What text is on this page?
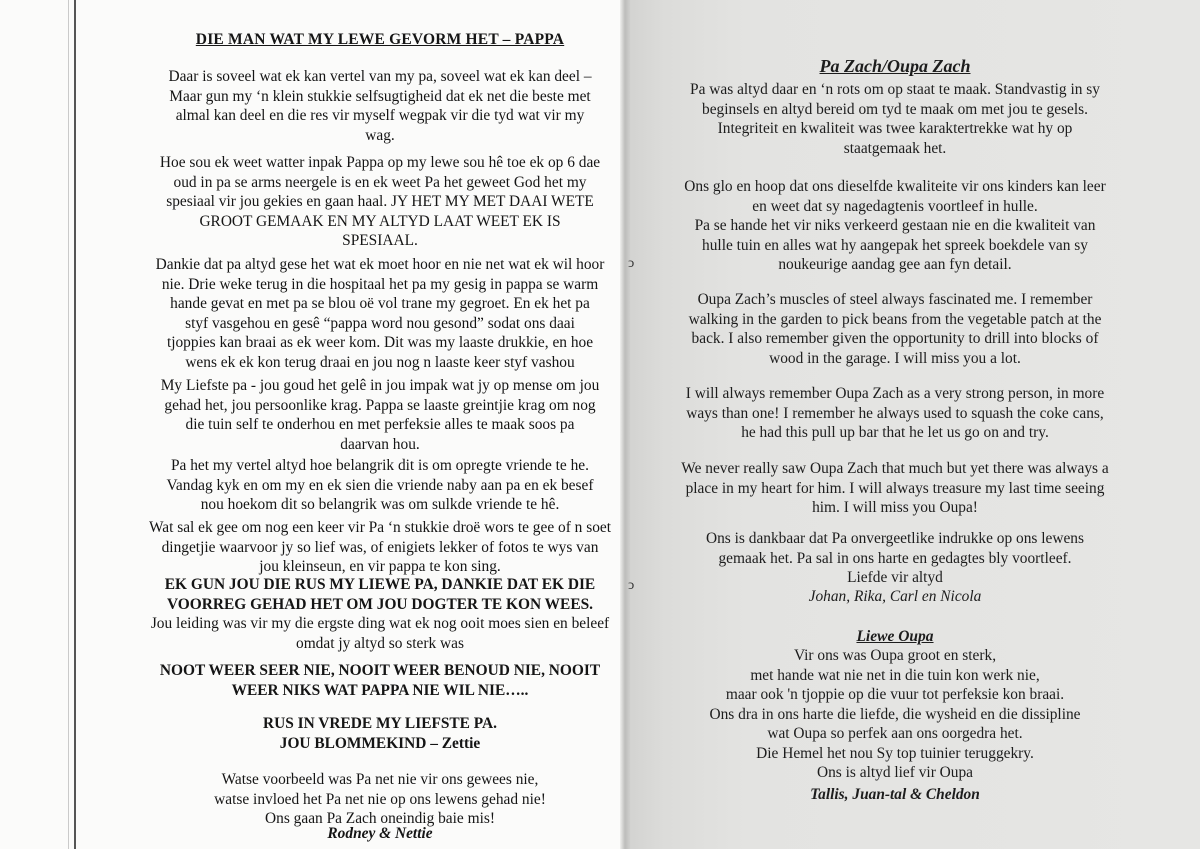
ↄ
ↄ
DIE MAN WAT MY LEWE GEVORM HET – PAPPA
Daar is soveel wat ek kan vertel van my pa, soveel wat ek kan deel –
Maar gun my ‘n klein stukkie selfsugtigheid dat ek net die beste met
almal kan deel en die res vir myself wegpak vir die tyd wat vir my
wag.
Hoe sou ek weet watter inpak Pappa op my lewe sou hê toe ek op 6 dae
oud in pa se arms neergele is en ek weet Pa het geweet God het my
spesiaal vir jou gekies en gaan haal. JY HET MY MET DAAI WETE
GROOT GEMAAK EN MY ALTYD LAAT WEET EK IS
SPESIAAL.
Dankie dat pa altyd gese het wat ek moet hoor en nie net wat ek wil hoor
nie. Drie weke terug in die hospitaal het pa my gesig in pappa se warm
hande gevat en met pa se blou oë vol trane my gegroet. En ek het pa
styf vasgehou en gesê “pappa word nou gesond” sodat ons daai
tjoppies kan braai as ek weer kom. Dit was my laaste drukkie, en hoe
wens ek ek kon terug draai en jou nog n laaste keer styf vashou
My Liefste pa - jou goud het gelê in jou impak wat jy op mense om jou
gehad het, jou persoonlike krag. Pappa se laaste greintjie krag om nog
die tuin self te onderhou en met perfeksie alles te maak soos pa
daarvan hou.
Pa het my vertel altyd hoe belangrik dit is om opregte vriende te he.
Vandag kyk en om my en ek sien die vriende naby aan pa en ek besef
nou hoekom dit so belangrik was om sulkde vriende te hê.
Wat sal ek gee om nog een keer vir Pa ‘n stukkie droë wors te gee of n soet
dingetjie waarvoor jy so lief was, of enigiets lekker of fotos te wys van
jou kleinseun, en vir pappa te kon sing.
EK GUN JOU DIE RUS MY LIEWE PA, DANKIE DAT EK DIE
VOORREG GEHAD HET OM JOU DOGTER TE KON WEES.
Jou leiding was vir my die ergste ding wat ek nog ooit moes sien en beleef
omdat jy altyd so sterk was
NOOT WEER SEER NIE, NOOIT WEER BENOUD NIE, NOOIT
WEER NIKS WAT PAPPA NIE WIL NIE…..
RUS IN VREDE MY LIEFSTE PA.
JOU BLOMMEKIND – Zettie
Watse voorbeeld was Pa net nie vir ons gewees nie,
watse invloed het Pa net nie op ons lewens gehad nie!
Ons gaan Pa Zach oneindig baie mis!
Rodney & Nettie
Pa Zach/Oupa Zach
Pa was altyd daar en ‘n rots om op staat te maak. Standvastig in sy
beginsels en altyd bereid om tyd te maak om met jou te gesels.
Integriteit en kwaliteit was twee karaktertrekke wat hy op
staatgemaak het.
Ons glo en hoop dat ons dieselfde kwaliteite vir ons kinders kan leer
en weet dat sy nagedagtenis voortleef in hulle.
Pa se hande het vir niks verkeerd gestaan nie en die kwaliteit van
hulle tuin en alles wat hy aangepak het spreek boekdele van sy
noukeurige aandag gee aan fyn detail.
Oupa Zach’s muscles of steel always fascinated me. I remember
walking in the garden to pick beans from the vegetable patch at the
back. I also remember given the opportunity to drill into blocks of
wood in the garage. I will miss you a lot.
I will always remember Oupa Zach as a very strong person, in more
ways than one! I remember he always used to squash the coke cans,
he had this pull up bar that he let us go on and try.
We never really saw Oupa Zach that much but yet there was always a
place in my heart for him. I will always treasure my last time seeing
him. I will miss you Oupa!
Ons is dankbaar dat Pa onvergeetlike indrukke op ons lewens
gemaak het. Pa sal in ons harte en gedagtes bly voortleef.
Liefde vir altyd
Johan, Rika, Carl en Nicola
Liewe Oupa
Vir ons was Oupa groot en sterk,
met hande wat nie net in die tuin kon werk nie,
maar ook 'n tjoppie op die vuur tot perfeksie kon braai.
Ons dra in ons harte die liefde, die wysheid en die dissipline
wat Oupa so perfek aan ons oorgedra het.
Die Hemel het nou Sy top tuinier teruggekry.
Ons is altyd lief vir Oupa
Tallis, Juan-tal & Cheldon
